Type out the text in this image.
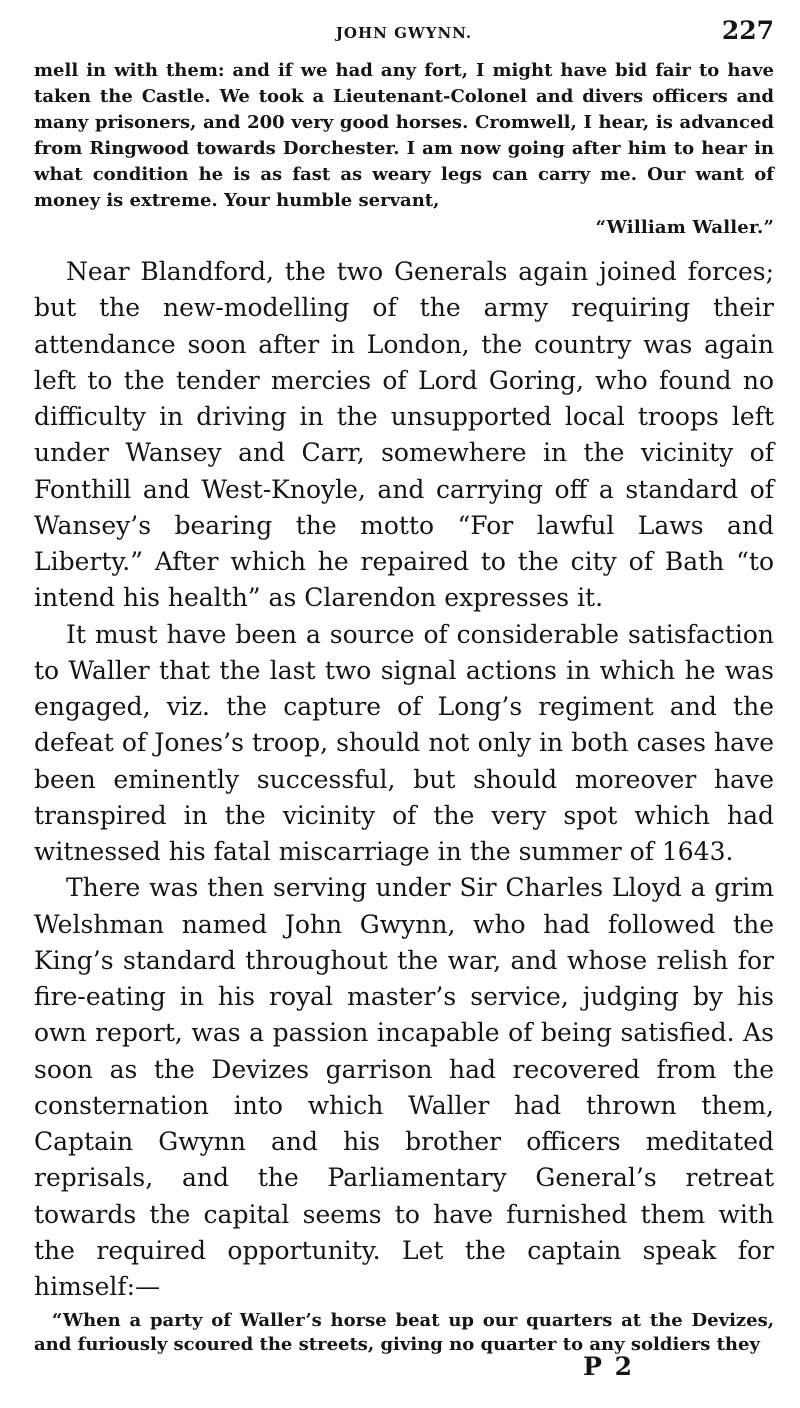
JOHN GWYNN.	227

mell in with them: and if we had any fort, I might have bid fair to have taken the Castle. We took a Lieutenant-Colonel and divers officers and many prisoners, and 200 very good horses. Cromwell, I hear, is advanced from Ringwood towards Dorchester. I am now going after him to hear in what condition he is as fast as weary legs can carry me. Our want of money is extreme. Your humble servant,

“William Waller.”

Near Blandford, the two Generals again joined forces; but the new-modelling of the army requiring their attendance soon after in London, the country was again left to the tender mercies of Lord Goring, who found no difficulty in driving in the unsupported local troops left under Wansey and Carr, somewhere in the vicinity of Fonthill and West-Knoyle, and carrying off a standard of Wansey’s bearing the motto “For lawful Laws and Liberty.” After which he repaired to the city of Bath “to intend his health” as Clarendon expresses it.

It must have been a source of considerable satisfaction to Waller that the last two signal actions in which he was engaged, viz. the capture of Long’s regiment and the defeat of Jones’s troop, should not only in both cases have been eminently successful, but should moreover have transpired in the vicinity of the very spot which had witnessed his fatal miscarriage in the summer of 1643.

There was then serving under Sir Charles Lloyd a grim Welshman named John Gwynn, who had followed the King’s standard throughout the war, and whose relish for fire-eating in his royal master’s service, judging by his own report, was a passion incapable of being satisfied. As soon as the Devizes garrison had recovered from the consternation into which Waller had thrown them, Captain Gwynn and his brother officers meditated reprisals, and the Parliamentary General’s retreat towards the capital seems to have furnished them with the required opportunity. Let the captain speak for himself:—

“When a party of Waller’s horse beat up our quarters at the Devizes, and furiously scoured the streets, giving no quarter to any soldiers they
P 2
